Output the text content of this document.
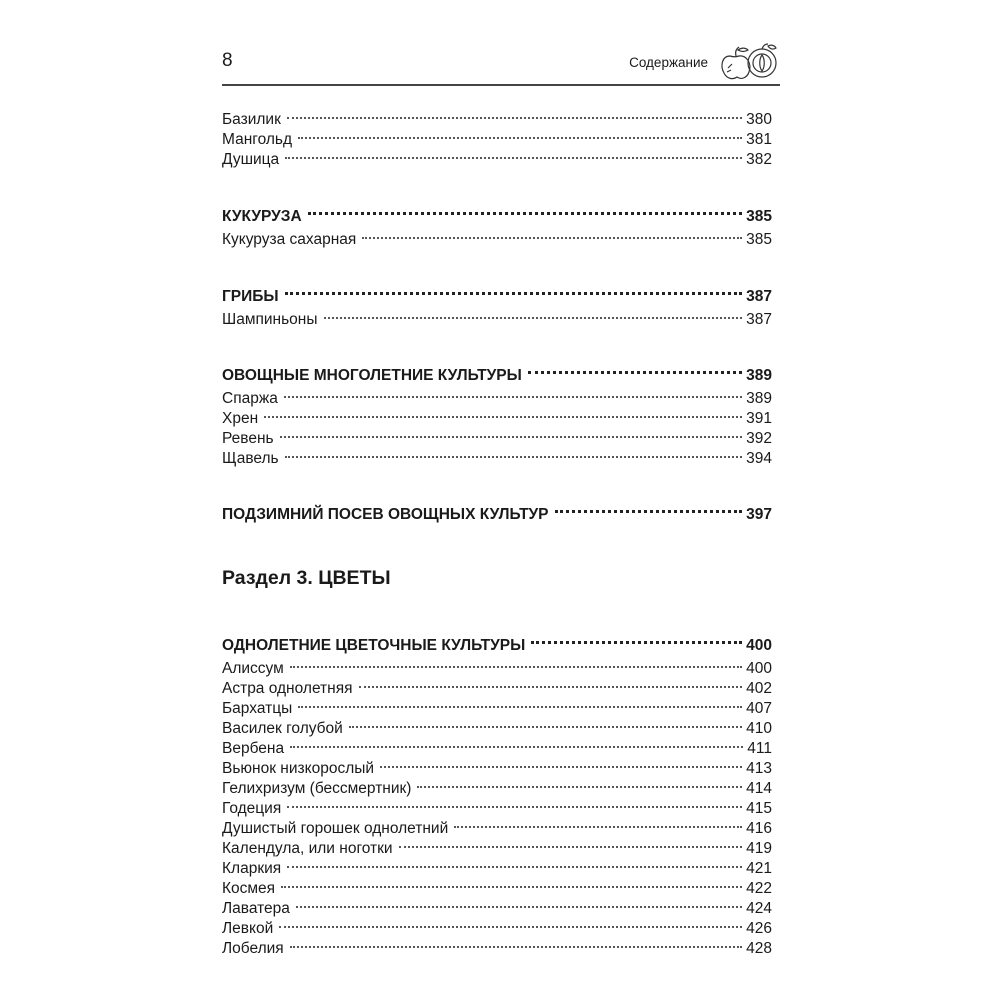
8	Содержание
Базилик	380
Мангольд	381
Душица	382
КУКУРУЗА	385
Кукуруза сахарная	385
ГРИБЫ	387
Шампиньоны	387
ОВОЩНЫЕ МНОГОЛЕТНИЕ КУЛЬТУРЫ	389
Спаржа	389
Хрен	391
Ревень	392
Щавель	394
ПОДЗИМНИЙ ПОСЕВ ОВОЩНЫХ КУЛЬТУР	397
Раздел 3. ЦВЕТЫ
ОДНОЛЕТНИЕ ЦВЕТОЧНЫЕ КУЛЬТУРЫ	400
Алиссум	400
Астра однолетняя	402
Бархатцы	407
Василек голубой	410
Вербена	411
Вьюнок низкорослый	413
Гелихризум (бессмертник)	414
Годеция	415
Душистый горошек однолетний	416
Календула, или ноготки	419
Кларкия	421
Космея	422
Лаватера	424
Левкой	426
Лобелия	428
